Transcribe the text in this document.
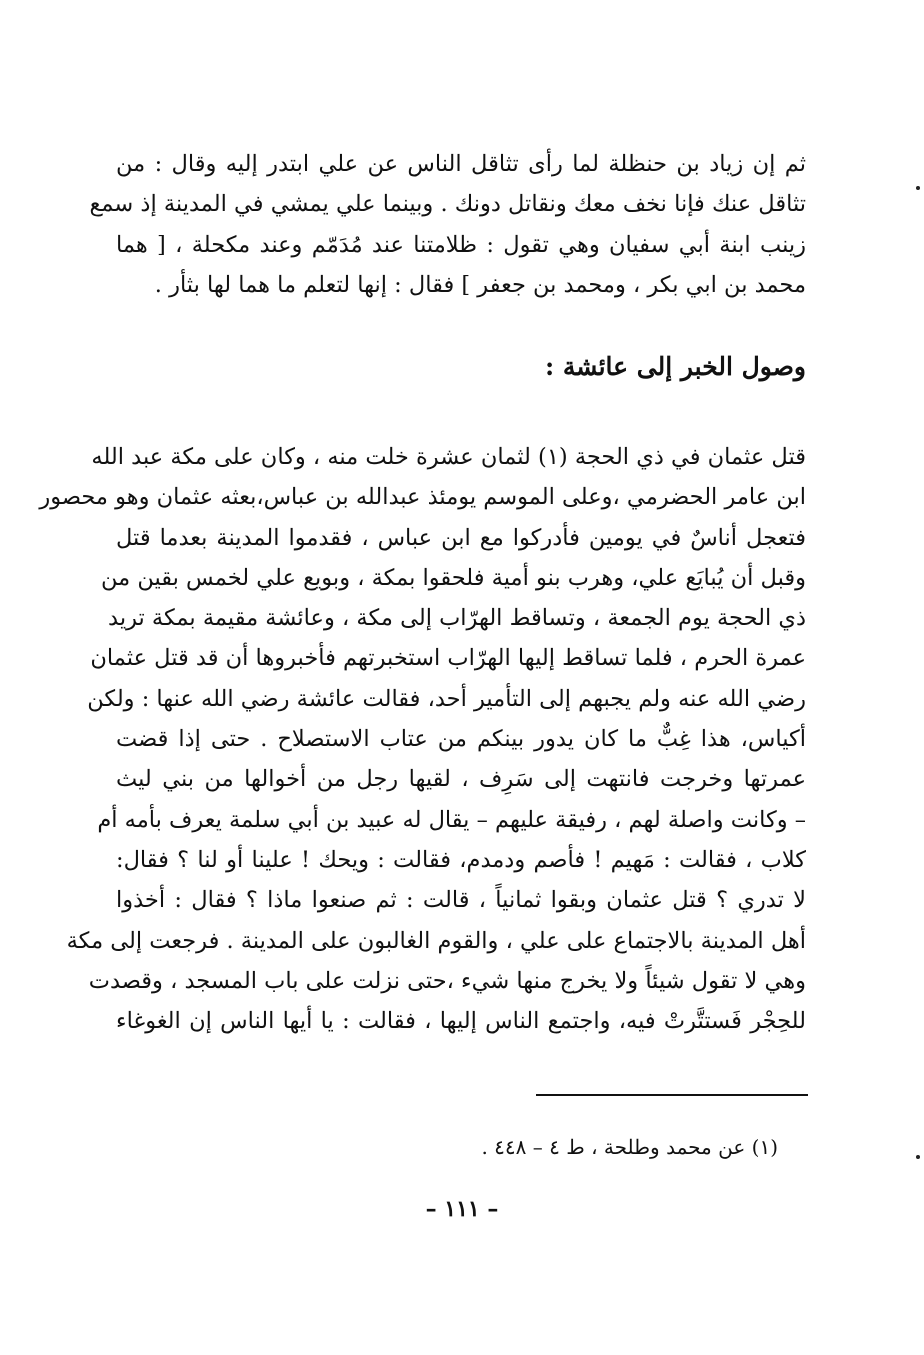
ثم إن زياد بن حنظلة لما رأى تثاقل الناس عن علي ابتدر إليه وقال : من
تثاقل عنك فإنا نخف معك ونقاتل دونك . وبينما علي يمشي في المدينة إذ سمع
زينب ابنة أبي سفيان وهي تقول : ظلامتنا عند مُدَمّم وعند مكحلة ، [ هما
محمد بن ابي بكر ، ومحمد بن جعفر ] فقال : إنها لتعلم ما هما لها بثأر .

وصول الخبر إلى عائشة :

قتل عثمان في ذي الحجة (١) لثمان عشرة خلت منه ، وكان على مكة عبد الله
ابن عامر الحضرمي ،وعلى الموسم يومئذ عبدالله بن عباس،بعثه عثمان وهو محصور
فتعجل أناسٌ في يومين فأدركوا مع ابن عباس ، فقدموا المدينة بعدما قتل
وقبل أن يُبايَع علي، وهرب بنو أمية فلحقوا بمكة ، وبويع علي لخمس بقين من
ذي الحجة يوم الجمعة ، وتساقط الهرّاب إلى مكة ، وعائشة مقيمة بمكة تريد
عمرة الحرم ، فلما تساقط إليها الهرّاب استخبرتهم فأخبروها أن قد قتل عثمان
رضي الله عنه ولم يجبهم إلى التأمير أحد، فقالت عائشة رضي الله عنها : ولكن
أكياس، هذا غِبٌّ ما كان يدور بينكم من عتاب الاستصلاح . حتى إذا قضت
عمرتها وخرجت فانتهت إلى سَرِف ، لقيها رجل من أخوالها من بني ليث
– وكانت واصلة لهم ، رفيقة عليهم – يقال له عبيد بن أبي سلمة يعرف بأمه أم
كلاب ، فقالت : مَهيم ! فأصم ودمدم، فقالت : ويحك ! علينا أو لنا ؟ فقال:
لا تدري ؟ قتل عثمان وبقوا ثمانياً ، قالت : ثم صنعوا ماذا ؟ فقال : أخذوا
أهل المدينة بالاجتماع على علي ، والقوم الغالبون على المدينة . فرجعت إلى مكة
وهي لا تقول شيئاً ولا يخرج منها شيء ،حتى نزلت على باب المسجد ، وقصدت
للحِجْر فَستتَّرتْ فيه، واجتمع الناس إليها ، فقالت : يا أيها الناس إن الغوغاء

(١) عن محمد وطلحة ، ط ٤ – ٤٤٨ .

– ١١١ –
